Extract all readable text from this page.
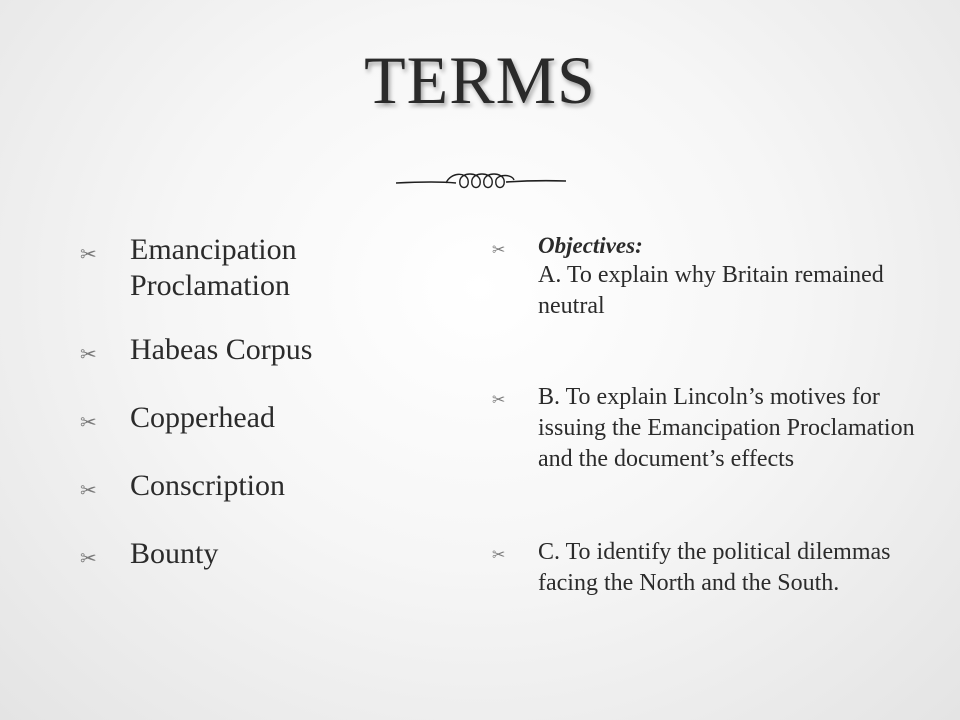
TERMS
✂	Emancipation Proclamation
✂	Habeas Corpus
✂	Copperhead
✂	Conscription
✂	Bounty
✂	Objectives:
A. To explain why Britain remained neutral
✂	B. To explain Lincoln’s motives for issuing the Emancipation Proclamation and the document’s effects
✂	C. To identify the political dilemmas facing the North and the South.
